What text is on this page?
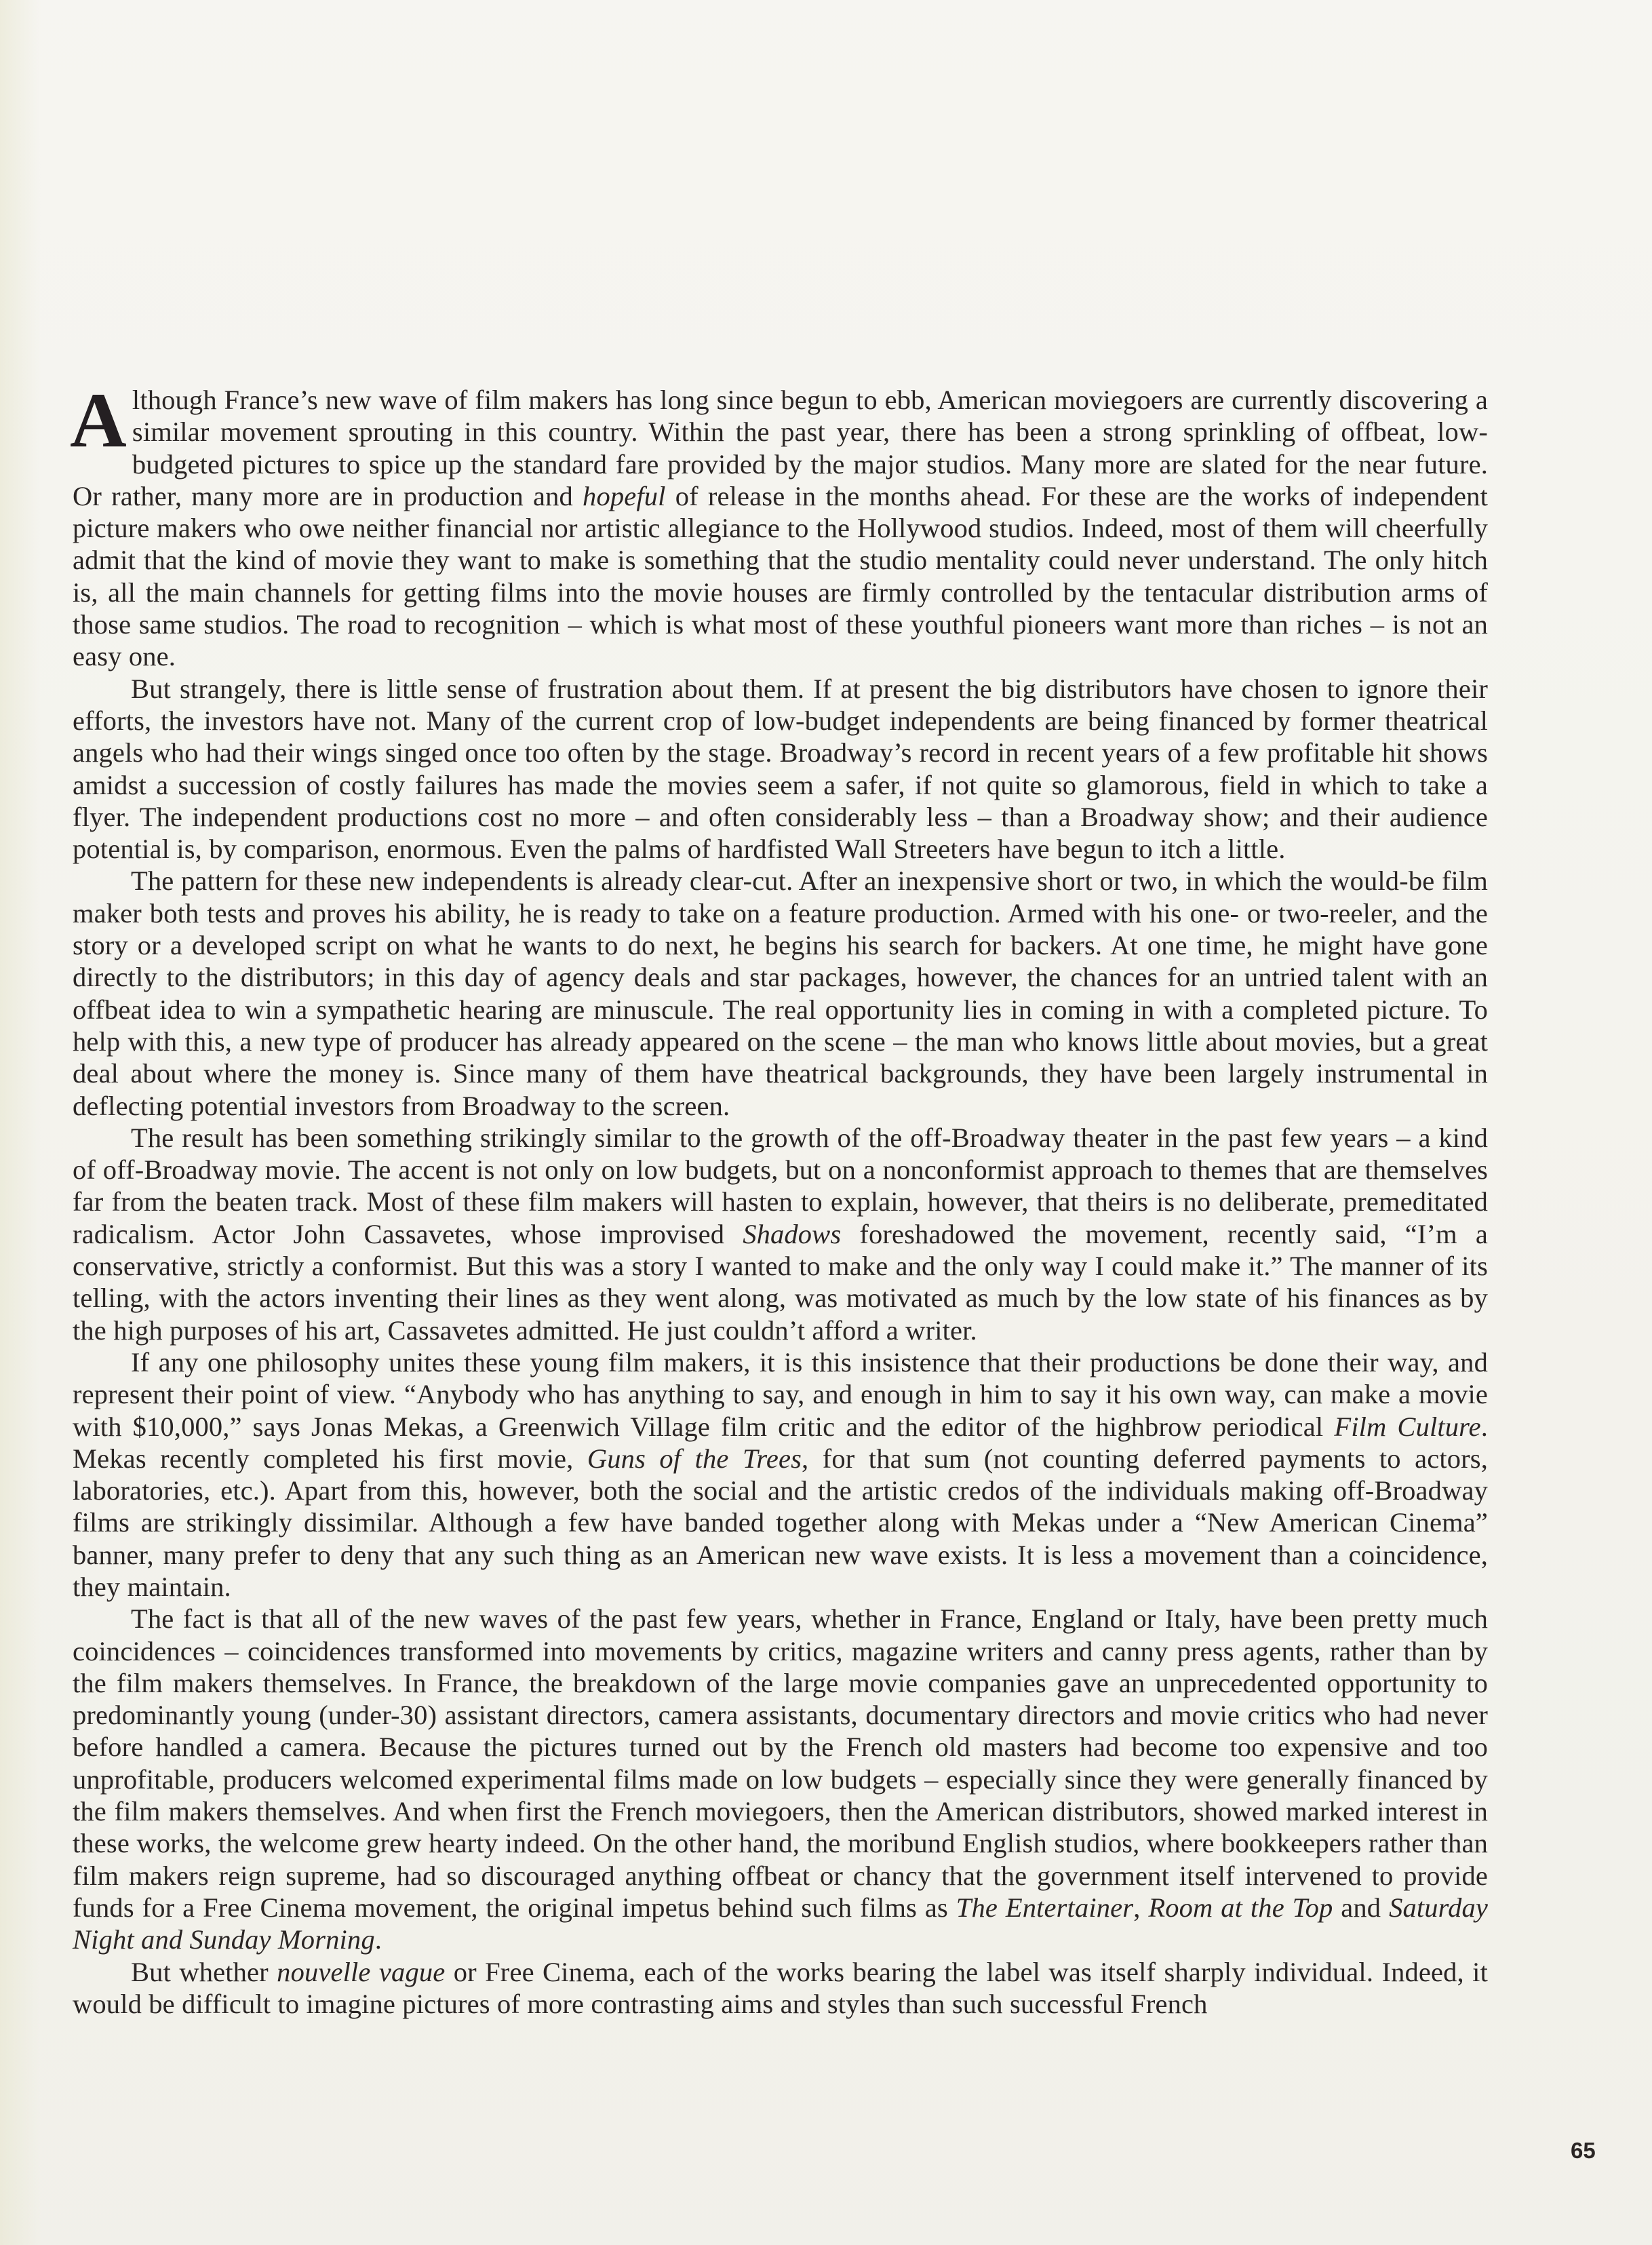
Although France’s new wave of film makers has long since begun to ebb, American moviegoers are currently discovering a similar movement sprouting in this country. Within the past year, there has been a strong sprinkling of offbeat, low-budgeted pictures to spice up the standard fare provided by the major studios. Many more are slated for the near future. Or rather, many more are in production and hopeful of release in the months ahead. For these are the works of independent picture makers who owe neither financial nor artistic allegiance to the Hollywood studios. Indeed, most of them will cheerfully admit that the kind of movie they want to make is something that the studio mentality could never understand. The only hitch is, all the main channels for getting films into the movie houses are firmly controlled by the tentacular distribution arms of those same studios. The road to recognition – which is what most of these youthful pioneers want more than riches – is not an easy one.

But strangely, there is little sense of frustration about them. If at present the big distributors have chosen to ignore their efforts, the investors have not. Many of the current crop of low-budget independents are being financed by former theatrical angels who had their wings singed once too often by the stage. Broadway’s record in recent years of a few profitable hit shows amidst a succession of costly failures has made the movies seem a safer, if not quite so glamorous, field in which to take a flyer. The independent productions cost no more – and often considerably less – than a Broadway show; and their audience potential is, by comparison, enormous. Even the palms of hardfisted Wall Streeters have begun to itch a little.

The pattern for these new independents is already clear-cut. After an inexpensive short or two, in which the would-be film maker both tests and proves his ability, he is ready to take on a feature production. Armed with his one- or two-reeler, and the story or a developed script on what he wants to do next, he begins his search for backers. At one time, he might have gone directly to the distributors; in this day of agency deals and star packages, however, the chances for an untried talent with an offbeat idea to win a sympathetic hearing are minuscule. The real opportunity lies in coming in with a completed picture. To help with this, a new type of producer has already appeared on the scene – the man who knows little about movies, but a great deal about where the money is. Since many of them have theatrical backgrounds, they have been largely instrumental in deflecting potential investors from Broadway to the screen.

The result has been something strikingly similar to the growth of the off-Broadway theater in the past few years – a kind of off-Broadway movie. The accent is not only on low budgets, but on a nonconformist approach to themes that are themselves far from the beaten track. Most of these film makers will hasten to explain, however, that theirs is no deliberate, premeditated radicalism. Actor John Cassavetes, whose improvised Shadows foreshadowed the movement, recently said, “I’m a conservative, strictly a conformist. But this was a story I wanted to make and the only way I could make it.” The manner of its telling, with the actors inventing their lines as they went along, was motivated as much by the low state of his finances as by the high purposes of his art, Cassavetes admitted. He just couldn’t afford a writer.

If any one philosophy unites these young film makers, it is this insistence that their productions be done their way, and represent their point of view. “Anybody who has anything to say, and enough in him to say it his own way, can make a movie with $10,000,” says Jonas Mekas, a Greenwich Village film critic and the editor of the highbrow periodical Film Culture. Mekas recently completed his first movie, Guns of the Trees, for that sum (not counting deferred payments to actors, laboratories, etc.). Apart from this, however, both the social and the artistic credos of the individuals making off-Broadway films are strikingly dissimilar. Although a few have banded together along with Mekas under a “New American Cinema” banner, many prefer to deny that any such thing as an American new wave exists. It is less a movement than a coincidence, they maintain.

The fact is that all of the new waves of the past few years, whether in France, England or Italy, have been pretty much coincidences – coincidences transformed into movements by critics, magazine writers and canny press agents, rather than by the film makers themselves. In France, the breakdown of the large movie companies gave an unprecedented opportunity to predominantly young (under-30) assistant directors, camera assistants, documentary directors and movie critics who had never before handled a camera. Because the pictures turned out by the French old masters had become too expensive and too unprofitable, producers welcomed experimental films made on low budgets – especially since they were generally financed by the film makers themselves. And when first the French moviegoers, then the American distributors, showed marked interest in these works, the welcome grew hearty indeed. On the other hand, the moribund English studios, where bookkeepers rather than film makers reign supreme, had so discouraged anything offbeat or chancy that the government itself intervened to provide funds for a Free Cinema movement, the original impetus behind such films as The Entertainer, Room at the Top and Saturday Night and Sunday Morning.

But whether nouvelle vague or Free Cinema, each of the works bearing the label was itself sharply individual. Indeed, it would be difficult to imagine pictures of more contrasting aims and styles than such successful French

65
